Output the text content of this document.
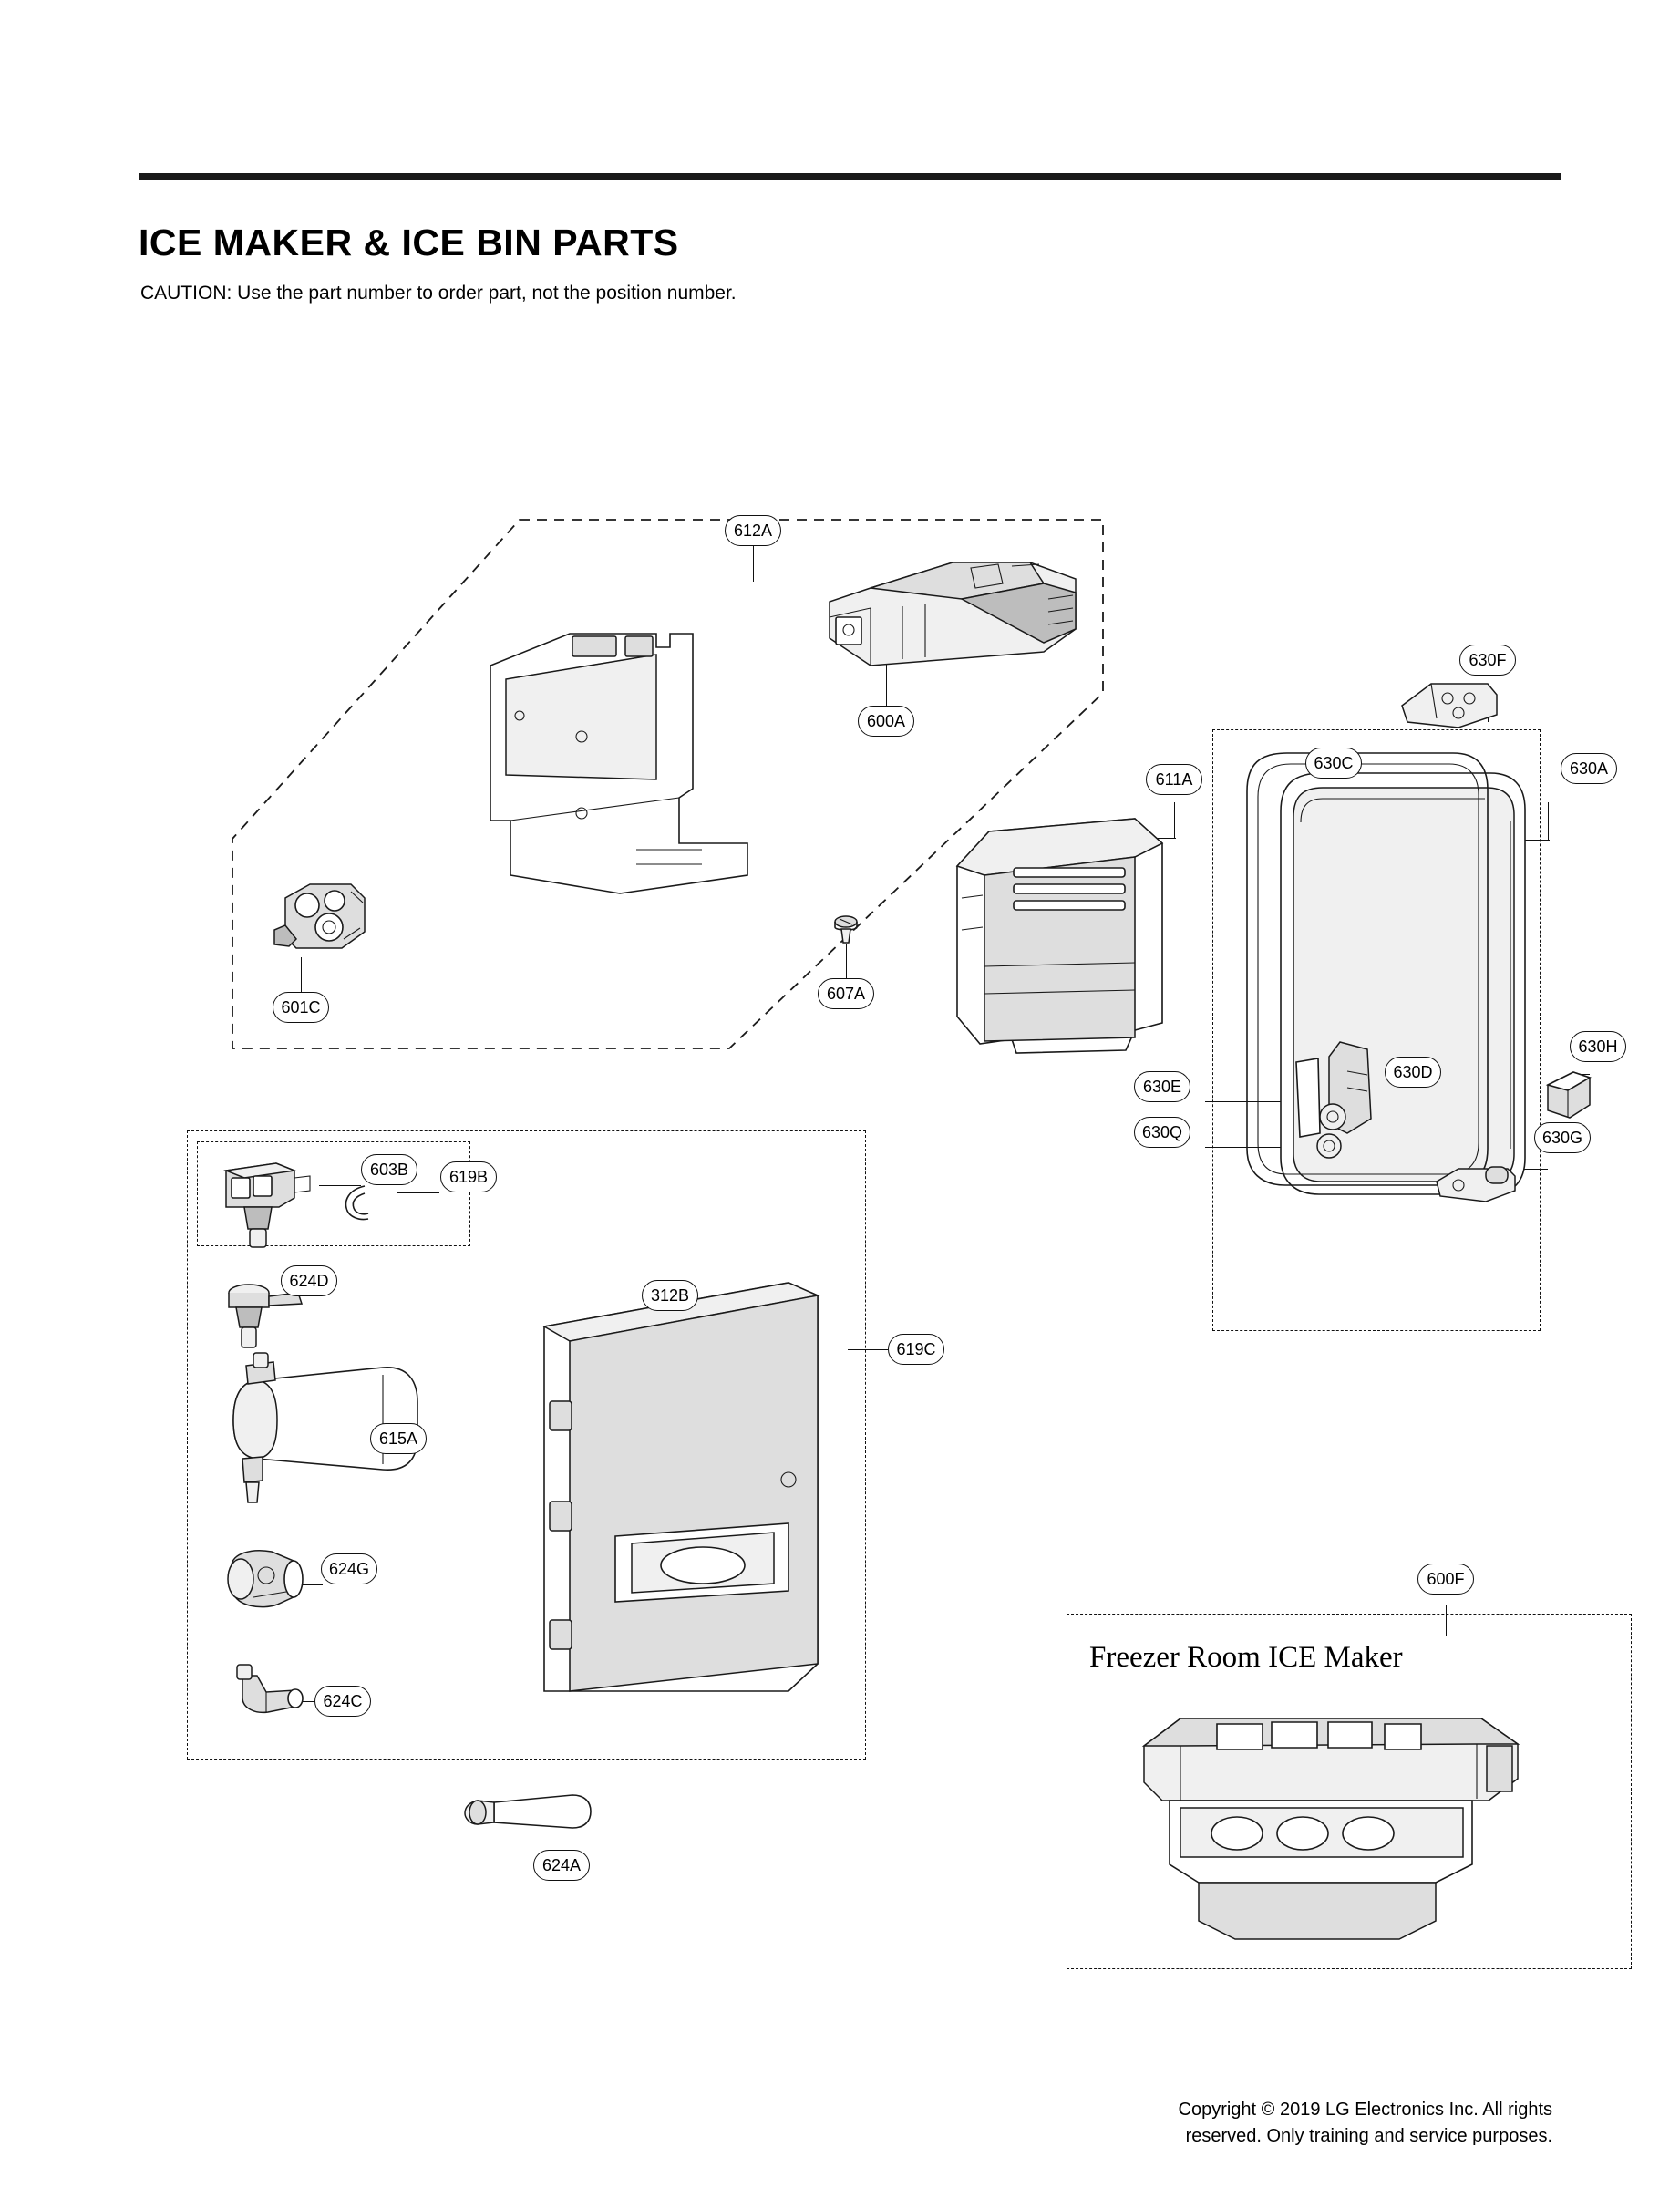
ICE MAKER & ICE BIN PARTS
CAUTION: Use the part number to order part, not the position number.
Freezer Room ICE Maker
612A
600A
601C
607A
611A
630C
630F
630A
630D
630E
630Q
630H
630G
603B 619B
624D
615A
624G
624C
624A
312B
619C
600F
Copyright © 2019 LG Electronics Inc. All rights
reserved. Only training and service purposes.
